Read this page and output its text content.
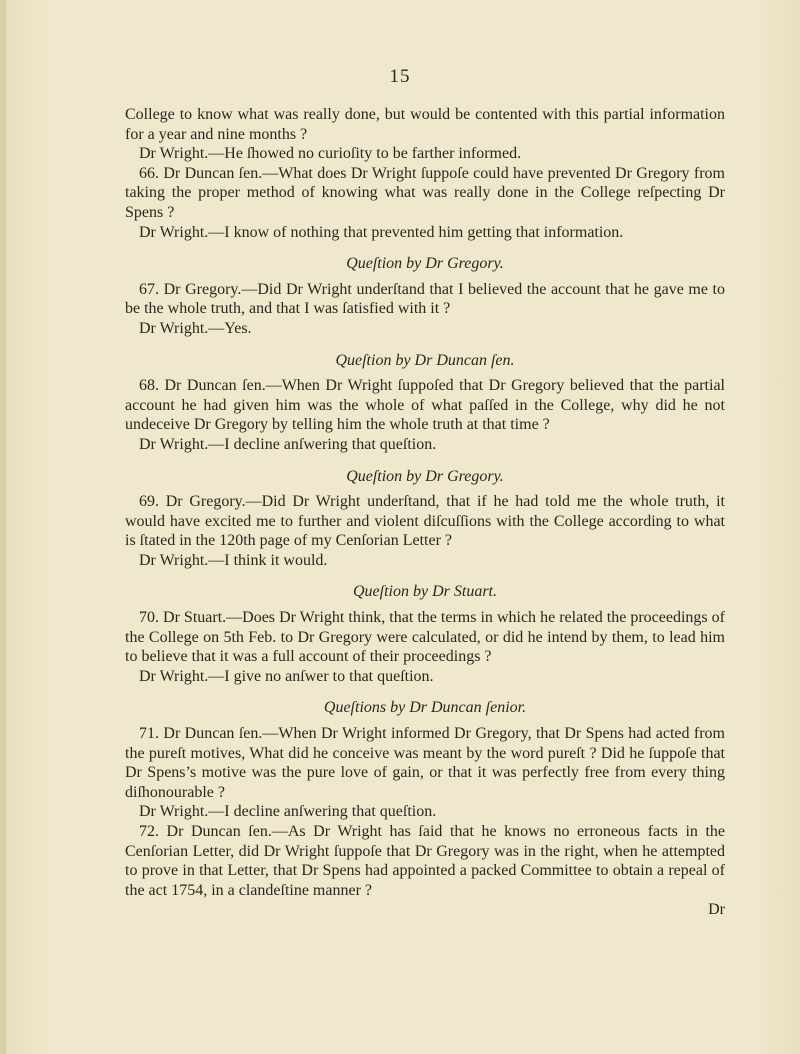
15

College to know what was really done, but would be contented with this partial information for a year and nine months ?

Dr Wright.—He ſhowed no curioſity to be farther informed.

66. Dr Duncan ſen.—What does Dr Wright ſuppoſe could have prevented Dr Gregory from taking the proper method of knowing what was really done in the College reſpecting Dr Spens ?

Dr Wright.—I know of nothing that prevented him getting that information.

Queſtion by Dr Gregory.

67. Dr Gregory.—Did Dr Wright underſtand that I believed the account that he gave me to be the whole truth, and that I was ſatisfied with it ?

Dr Wright.—Yes.

Queſtion by Dr Duncan ſen.

68. Dr Duncan ſen.—When Dr Wright ſuppoſed that Dr Gregory believed that the partial account he had given him was the whole of what paſſed in the College, why did he not undeceive Dr Gregory by telling him the whole truth at that time ?

Dr Wright.—I decline anſwering that queſtion.

Queſtion by Dr Gregory.

69. Dr Gregory.—Did Dr Wright underſtand, that if he had told me the whole truth, it would have excited me to further and violent diſcuſſions with the College according to what is ſtated in the 120th page of my Cenſorian Letter ?

Dr Wright.—I think it would.

Queſtion by Dr Stuart.

70. Dr Stuart.—Does Dr Wright think, that the terms in which he related the proceedings of the College on 5th Feb. to Dr Gregory were calculated, or did he intend by them, to lead him to believe that it was a full account of their proceedings ?

Dr Wright.—I give no anſwer to that queſtion.

Queſtions by Dr Duncan ſenior.

71. Dr Duncan ſen.—When Dr Wright informed Dr Gregory, that Dr Spens had acted from the pureſt motives, What did he conceive was meant by the word pureſt ? Did he ſuppoſe that Dr Spens’s motive was the pure love of gain, or that it was perfectly free from every thing diſhonourable ?

Dr Wright.—I decline anſwering that queſtion.

72. Dr Duncan ſen.—As Dr Wright has ſaid that he knows no erroneous facts in the Cenſorian Letter, did Dr Wright ſuppoſe that Dr Gregory was in the right, when he attempted to prove in that Letter, that Dr Spens had appointed a packed Committee to obtain a repeal of the act 1754, in a clandeſtine manner ?

Dr
